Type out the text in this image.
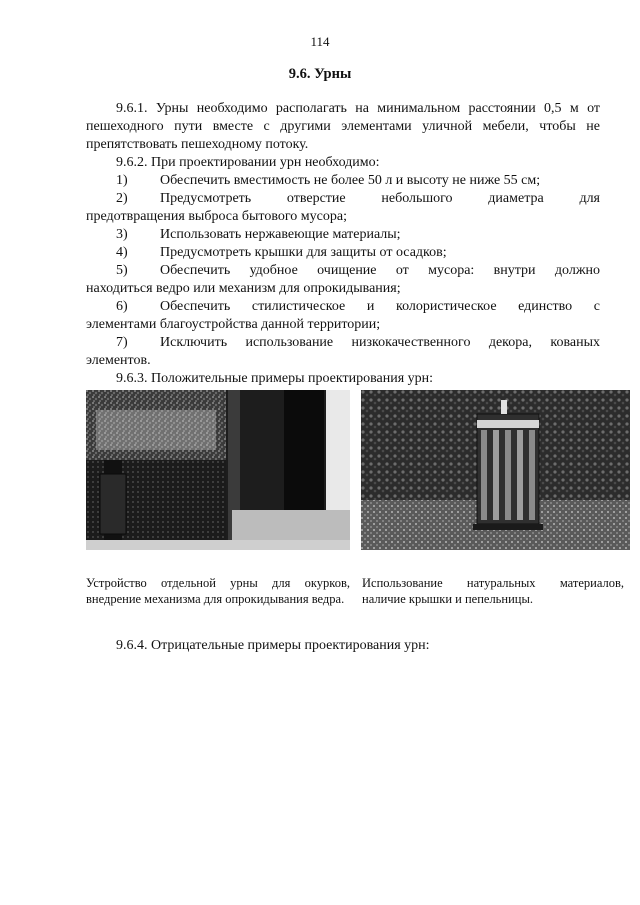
114
9.6. Урны

9.6.1. Урны необходимо располагать на минимальном расстоянии 0,5 м от пешеходного пути вместе с другими элементами уличной мебели, чтобы не препятствовать пешеходному потоку.

9.6.2. При проектировании урн необходимо:

1)	Обеспечить вместимость не более 50 л и высоту не ниже 55 см;
2)	Предусмотреть отверстие небольшого диаметра для

предотвращения выброса бытового мусора;

3)	Использовать нержавеющие материалы;
4)	Предусмотреть крышки для защиты от осадков;
5)	Обеспечить удобное очищение от мусора: внутри должно

находиться ведро или механизм для опрокидывания;

6)	Обеспечить стилистическое и колористическое единство с

элементами благоустройства данной территории;

7)	Исключить использование низкокачественного декора, кованых

элементов.

9.6.3. Положительные примеры проектирования урн:

Устройство отдельной урны для окурков, внедрение механизма для опрокидывания ведра.
Использование натуральных материалов, наличие крышки и пепельницы.
9.6.4. Отрицательные примеры проектирования урн:
